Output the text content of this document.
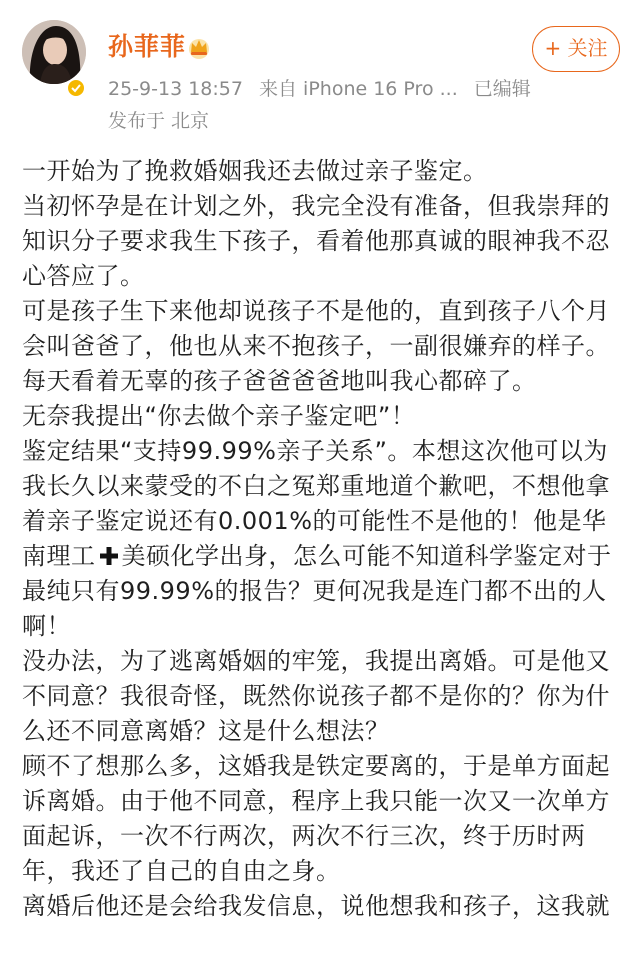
孙菲菲
25-9-13 18:57 来自 iPhone 16 Pro ... 已编辑
发布于 北京
+ 关注

一开始为了挽救婚姻我还去做过亲子鉴定。

当初怀孕是在计划之外，我完全没有准备，但我崇拜的知识分子要求我生下孩子，看着他那真诚的眼神我不忍心答应了。

可是孩子生下来他却说孩子不是他的，直到孩子八个月会叫爸爸了，他也从来不抱孩子，一副很嫌弃的样子。

每天看着无辜的孩子爸爸爸爸地叫我心都碎了。

无奈我提出“你去做个亲子鉴定吧”！

鉴定结果“支持99.99%亲子关系”。本想这次他可以为我长久以来蒙受的不白之冤郑重地道个歉吧，不想他拿着亲子鉴定说还有0.001%的可能性不是他的！他是华南理工 美硕化学出身，怎么可能不知道科学鉴定对于最纯只有99.99%的报告？更何况我是连门都不出的人啊！

没办法，为了逃离婚姻的牢笼，我提出离婚。可是他又不同意？我很奇怪，既然你说孩子都不是你的？你为什么还不同意离婚？这是什么想法？

顾不了想那么多，这婚我是铁定要离的，于是单方面起诉离婚。由于他不同意，程序上我只能一次又一次单方面起诉，一次不行两次，两次不行三次，终于历时两年，我还了自己的自由之身。

离婚后他还是会给我发信息，说他想我和孩子，这我就
